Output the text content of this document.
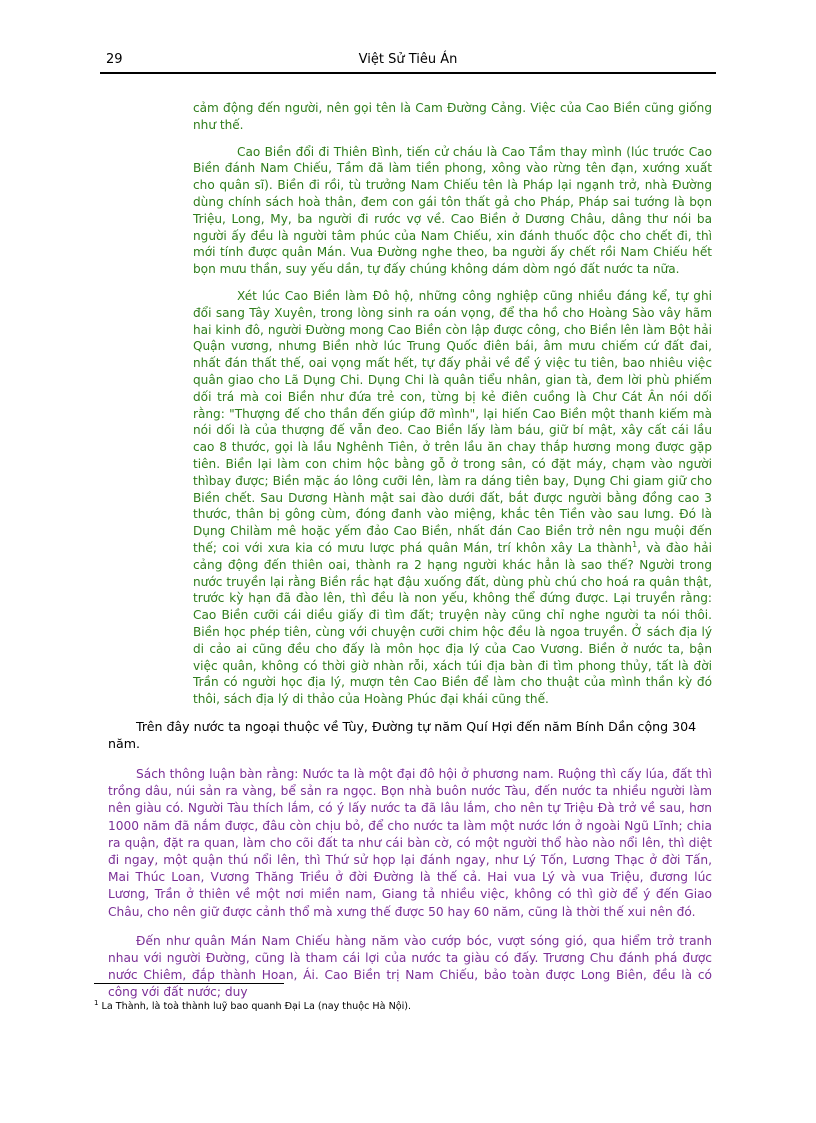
29	Việt Sử Tiêu Án

cảm động đến người, nên gọi tên là Cam Đường Cảng. Việc của Cao Biền cũng giống như thế.

Cao Biền đổi đi Thiên Bình, tiến cử cháu là Cao Tầm thay mình (lúc trước Cao Biền đánh Nam Chiếu, Tầm đã làm tiền phong, xông vào rừng tên đạn, xướng xuất cho quân sĩ). Biền đi rồi, tù trưởng Nam Chiếu tên là Pháp lại ngạnh trở, nhà Đường dùng chính sách hoà thân, đem con gái tôn thất gả cho Pháp, Pháp sai tướng là bọn Triệu, Long, My, ba người đi rước vợ về. Cao Biền ở Dương Châu, dâng thư nói ba người ấy đều là người tâm phúc của Nam Chiếu, xin đánh thuốc độc cho chết đi, thì mới tính được quân Mán. Vua Đường nghe theo, ba người ấy chết rồi Nam Chiếu hết bọn mưu thần, suy yếu dần, tự đấy chúng không dám dòm ngó đất nước ta nữa.

Xét lúc Cao Biền làm Đô hộ, những công nghiệp cũng nhiều đáng kể, tự ghi đổi sang Tây Xuyên, trong lòng sinh ra oán vọng, để tha hồ cho Hoàng Sào vây hãm hai kinh đô, người Đường mong Cao Biền còn lập được công, cho Biền lên làm Bột hải Quận vương, nhưng Biền nhờ lúc Trung Quốc điên bái, âm mưu chiếm cứ đất đai, nhất đán thất thế, oai vọng mất hết, tự đấy phải về để ý việc tu tiên, bao nhiêu việc quân giao cho Lã Dụng Chi. Dụng Chi là quân tiểu nhân, gian tà, đem lời phù phiếm dối trá mà coi Biền như đứa trẻ con, từng bị kẻ điên cuồng là Chư Cát Ân nói dối rằng: "Thượng đế cho thần đến giúp đỡ mình", lại hiến Cao Biền một thanh kiếm mà nói dối là của thượng đế vẫn đeo. Cao Biền lấy làm báu, giữ bí mật, xây cất cái lầu cao 8 thước, gọi là lầu Nghênh Tiên, ở trên lầu ăn chay thắp hương mong được gặp tiên. Biền lại làm con chim hộc bằng gỗ ở trong sân, có đặt máy, chạm vào người thìbay được; Biền mặc áo lông cưỡi lên, làm ra dáng tiên bay, Dụng Chi giam giữ cho Biền chết. Sau Dương Hành mật sai đào dưới đất, bắt được người bằng đồng cao 3 thước, thân bị gông cùm, đóng đanh vào miệng, khắc tên Tiền vào sau lưng. Đó là Dụng Chilàm mê hoặc yếm đảo Cao Biền, nhất đán Cao Biền trở nên ngu muội đến thế; coi với xưa kia có mưu lược phá quân Mán, trí khôn xây La thành$^1$, và đào hải cảng động đến thiên oai, thành ra 2 hạng người khác hẳn là sao thế? Người trong nước truyền lại rằng Biền rắc hạt đậu xuống đất, dùng phù chú cho hoá ra quân thật, trước kỳ hạn đã đào lên, thì đều là non yếu, không thể đứng được. Lại truyền rằng: Cao Biền cưỡi cái diều giấy đi tìm đất; truyện này cũng chỉ nghe người ta nói thôi. Biền học phép tiên, cùng với chuyện cưỡi chim hộc đều là ngoa truyền. Ở sách địa lý di cảo ai cũng đều cho đấy là môn học địa lý của Cao Vương. Biền ở nước ta, bận việc quân, không có thời giờ nhàn rỗi, xách túi địa bàn đi tìm phong thủy, tất là đời Trần có người học địa lý, mượn tên Cao Biền để làm cho thuật của mình thần kỳ đó thôi, sách địa lý di thảo của Hoàng Phúc đại khái cũng thế.

Trên đây nước ta ngoại thuộc về Tùy, Đường tự năm Quí Hợi đến năm Bính Dần cộng 304 năm.

Sách thông luận bàn rằng: Nước ta là một đại đô hội ở phương nam. Ruộng thì cấy lúa, đất thì trồng dâu, núi sản ra vàng, bể sản ra ngọc. Bọn nhà buôn nước Tàu, đến nước ta nhiều người làm nên giàu có. Người Tàu thích lắm, có ý lấy nước ta đã lâu lắm, cho nên tự Triệu Đà trở về sau, hơn 1000 năm đã nắm được, đâu còn chịu bỏ, để cho nước ta làm một nước lớn ở ngoài Ngũ Lĩnh; chia ra quận, đặt ra quan, làm cho cõi đất ta như cái bàn cờ, có một người thổ hào nào nổi lên, thì diệt đi ngay, một quận thú nổi lên, thì Thứ sử họp lại đánh ngay, như Lý Tốn, Lương Thạc ở đời Tấn, Mai Thúc Loan, Vương Thăng Triều ở đời Đường là thế cả. Hai vua Lý và vua Triệu, đương lúc Lương, Trần ở thiên về một nơi miền nam, Giang tả nhiều việc, không có thì giờ để ý đến Giao Châu, cho nên giữ được cảnh thổ mà xưng thế được 50 hay 60 năm, cũng là thời thế xui nên đó.

Đến như quân Mán Nam Chiếu hàng năm vào cướp bóc, vượt sóng gió, qua hiểm trở tranh nhau với người Đường, cũng là tham cái lợi của nước ta giàu có đấy. Trương Chu đánh phá được nước Chiêm, đắp thành Hoan, Ái. Cao Biền trị Nam Chiếu, bảo toàn được Long Biên, đều là có công với đất nước; duy

$^1$ La Thành, là toà thành luỹ bao quanh Đại La (nay thuộc Hà Nội).
